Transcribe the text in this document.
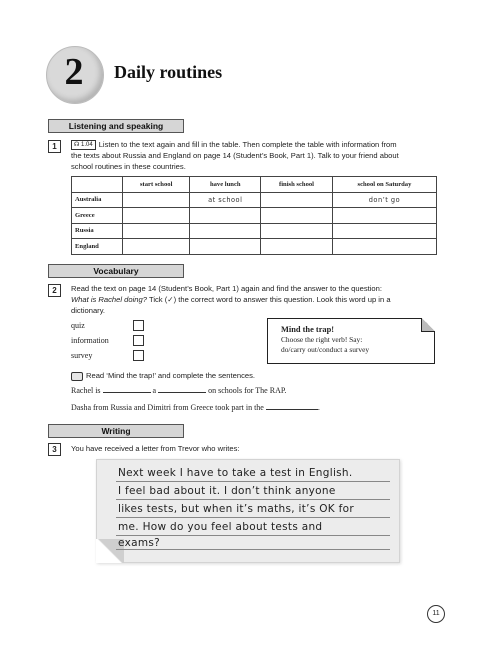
2	Daily routines
Listening and speaking
1	☊ 1.04 Listen to the text again and fill in the table. Then complete the table with information from
the texts about Russia and England on page 14 (Student’s Book, Part 1). Talk to your friend about
school routines in these countries.
	start school	have lunch	finish school	school on Saturday
Australia		at school		don’t go
Greece				
Russia				
England				
Vocabulary
2	Read the text on page 14 (Student’s Book, Part 1) again and find the answer to the question:
What is Rachel doing? Tick (✓) the correct word to answer this question. Look this word up in a
dictionary.
quiz
information
survey
Mind the trap!
Choose the right verb! Say:
do/carry out/conduct a survey
Read ‘Mind the trap!’ and complete the sentences.
Rachel is	a	on schools for The RAP.
Dasha from Russia and Dimitri from Greece took part in the	.
Writing
3	You have received a letter from Trevor who writes:
Next week I have to take a test in English.
I feel bad about it. I don’t think anyone
likes tests, but when it’s maths, it’s OK for
me. How do you feel about tests and
exams?
11
